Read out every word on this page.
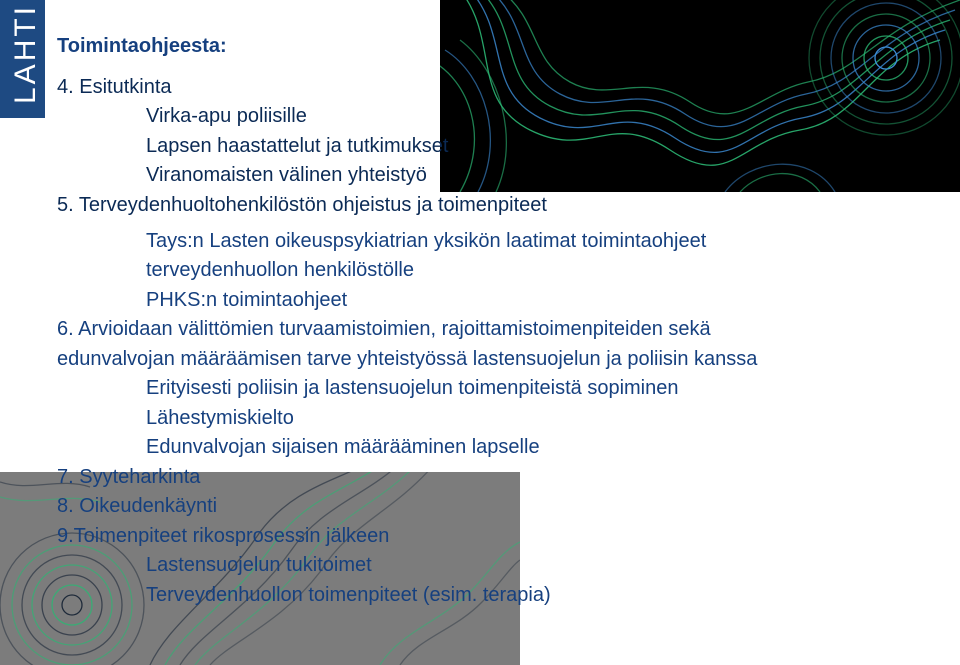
LAHTI Toimintaohjeesta:
4. Esitutkinta
Virka-apu poliisille
Lapsen haastattelut ja tutkimukset
Viranomaisten välinen yhteistyö
5. Terveydenhuoltohenkilöstön ohjeistus ja toimenpiteet
Tays:n Lasten oikeuspsykiatrian yksikön laatimat toimintaohjeet
terveydenhuollon henkilöstölle
PHKS:n toimintaohjeet
6. Arvioidaan välittömien turvaamistoimien, rajoittamistoimenpiteiden sekä
edunvalvojan määräämisen tarve yhteistyössä lastensuojelun ja poliisin kanssa
Erityisesti poliisin ja lastensuojelun toimenpiteistä sopiminen
Lähestymiskielto
Edunvalvojan sijaisen määrääminen lapselle
7. Syyteharkinta
8. Oikeudenkäynti
9.Toimenpiteet rikosprosessin jälkeen
Lastensuojelun tukitoimet
Terveydenhuollon toimenpiteet (esim. terapia)
